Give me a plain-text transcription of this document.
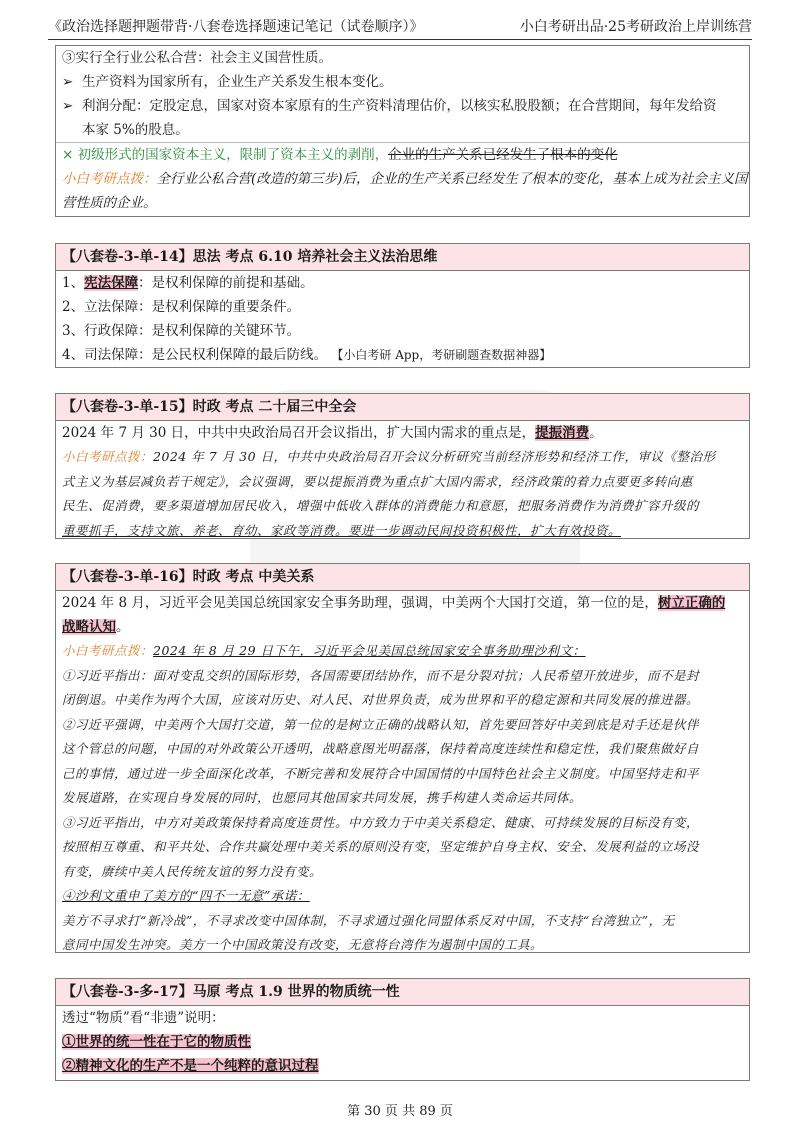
《政治选择题押题带背·八套卷选择题速记笔记（试卷顺序）》	小白考研出品·25考研政治上岸训练营
③实行全行业公私合营：社会主义国营性质。
➢ 生产资料为国家所有，企业生产关系发生根本变化。
➢ 利润分配：定股定息，国家对资本家原有的生产资料清理估价，以核实私股股额；在合营期间，每年发给资
本家 5%的股息。
× 初级形式的国家资本主义，限制了资本主义的剥削，企业的生产关系已经发生了根本的变化
小白考研点拨：全行业公私合营(改造的第三步)后，企业的生产关系已经发生了根本的变化，基本上成为社会主义国
营性质的企业。
【八套卷-3-单-14】思法 考点 6.10 培养社会主义法治思维
1、宪法保障：是权利保障的前提和基础。
2、立法保障：是权利保障的重要条件。
3、行政保障：是权利保障的关键环节。
4、司法保障：是公民权利保障的最后防线。 【小白考研 App，考研刷题查数据神器】
【八套卷-3-单-15】时政 考点 二十届三中全会
2024 年 7 月 30 日，中共中央政治局召开会议指出，扩大国内需求的重点是，提振消费。
小白考研点拨：2024 年 7 月 30 日，中共中央政治局召开会议分析研究当前经济形势和经济工作，审议《整治形
式主义为基层减负若干规定》，会议强调，要以提振消费为重点扩大国内需求，经济政策的着力点要更多转向惠
民生、促消费，要多渠道增加居民收入，增强中低收入群体的消费能力和意愿，把服务消费作为消费扩容升级的
重要抓手，支持文旅、养老、育幼、家政等消费。要进一步调动民间投资积极性，扩大有效投资。
【八套卷-3-单-16】时政 考点 中美关系
2024 年 8 月，习近平会见美国总统国家安全事务助理，强调，中美两个大国打交道，第一位的是，树立正确的
战略认知。
小白考研点拨：2024 年 8 月 29 日下午，习近平会见美国总统国家安全事务助理沙利文：
①习近平指出：面对变乱交织的国际形势，各国需要团结协作，而不是分裂对抗；人民希望开放进步，而不是封
闭倒退。中美作为两个大国，应该对历史、对人民、对世界负责，成为世界和平的稳定源和共同发展的推进器。
②习近平强调，中美两个大国打交道，第一位的是树立正确的战略认知，首先要回答好中美到底是对手还是伙伴
这个管总的问题，中国的对外政策公开透明，战略意图光明磊落，保持着高度连续性和稳定性，我们聚焦做好自
己的事情，通过进一步全面深化改革，不断完善和发展符合中国国情的中国特色社会主义制度。中国坚持走和平
发展道路，在实现自身发展的同时，也愿同其他国家共同发展，携手构建人类命运共同体。
③习近平指出，中方对美政策保持着高度连贯性。中方致力于中美关系稳定、健康、可持续发展的目标没有变，
按照相互尊重、和平共处、合作共赢处理中美关系的原则没有变，坚定维护自身主权、安全、发展利益的立场没
有变，赓续中美人民传统友谊的努力没有变。
④沙利文重申了美方的“四不一无意”承诺：
美方不寻求打“新冷战”，不寻求改变中国体制，不寻求通过强化同盟体系反对中国，不支持“台湾独立”，无
意同中国发生冲突。美方一个中国政策没有改变，无意将台湾作为遏制中国的工具。
【八套卷-3-多-17】马原 考点 1.9 世界的物质统一性
透过“物质”看“非遗”说明：
①世界的统一性在于它的物质性
②精神文化的生产不是一个纯粹的意识过程
第 30 页 共 89 页
